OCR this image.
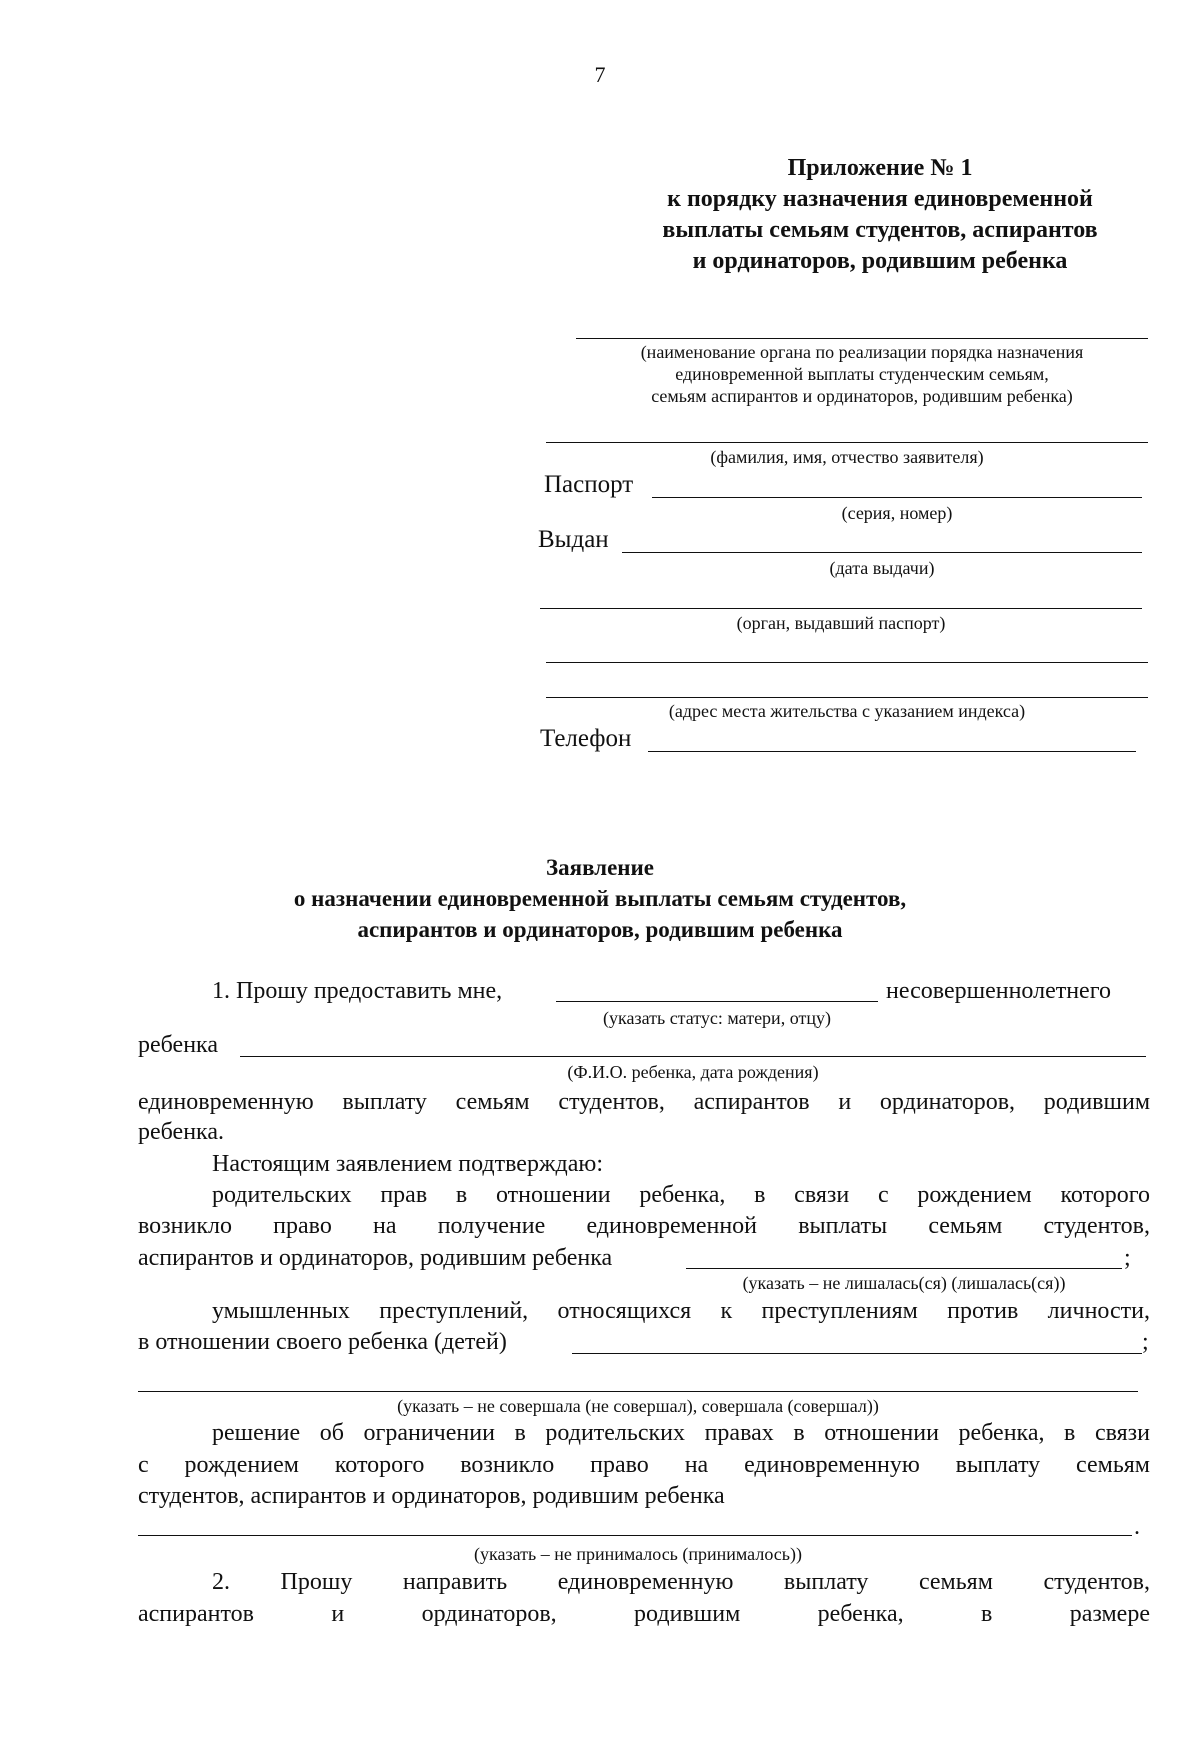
7
Приложение № 1
к порядку назначения единовременной
выплаты семьям студентов, аспирантов
и ординаторов, родившим ребенка
(наименование органа по реализации порядка назначения
единовременной выплаты студенческим семьям,
семьям аспирантов и ординаторов, родившим ребенка)
(фамилия, имя, отчество заявителя)
Паспорт
(серия, номер)
Выдан
(дата выдачи)
(орган, выдавший паспорт)
(адрес места жительства с указанием индекса)
Телефон
Заявление
о назначении единовременной выплаты семьям студентов,
аспирантов и ординаторов, родившим ребенка
1. Прошу предоставить мне,	несовершеннолетнего
(указать статус: матери, отцу)
ребенка
(Ф.И.О. ребенка, дата рождения)
единовременную выплату семьям студентов, аспирантов и ординаторов, родившим
ребенка.
Настоящим заявлением подтверждаю:
родительских прав в отношении ребенка, в связи с рождением которого
возникло право на получение единовременной выплаты семьям студентов,
аспирантов и ординаторов, родившим ребенка	;
(указать – не лишалась(ся) (лишалась(ся))
умышленных преступлений, относящихся к преступлениям против личности,
в отношении своего ребенка (детей)	;
(указать – не совершала (не совершал), совершала (совершал))
решение об ограничении в родительских правах в отношении ребенка, в связи
с рождением которого возникло право на единовременную выплату семьям
студентов, аспирантов и ординаторов, родившим ребенка
.
(указать – не принималось (принималось))
2. Прошу направить единовременную выплату семьям студентов,
аспирантов	и	ординаторов,	родившим	ребенка,	в	размере
